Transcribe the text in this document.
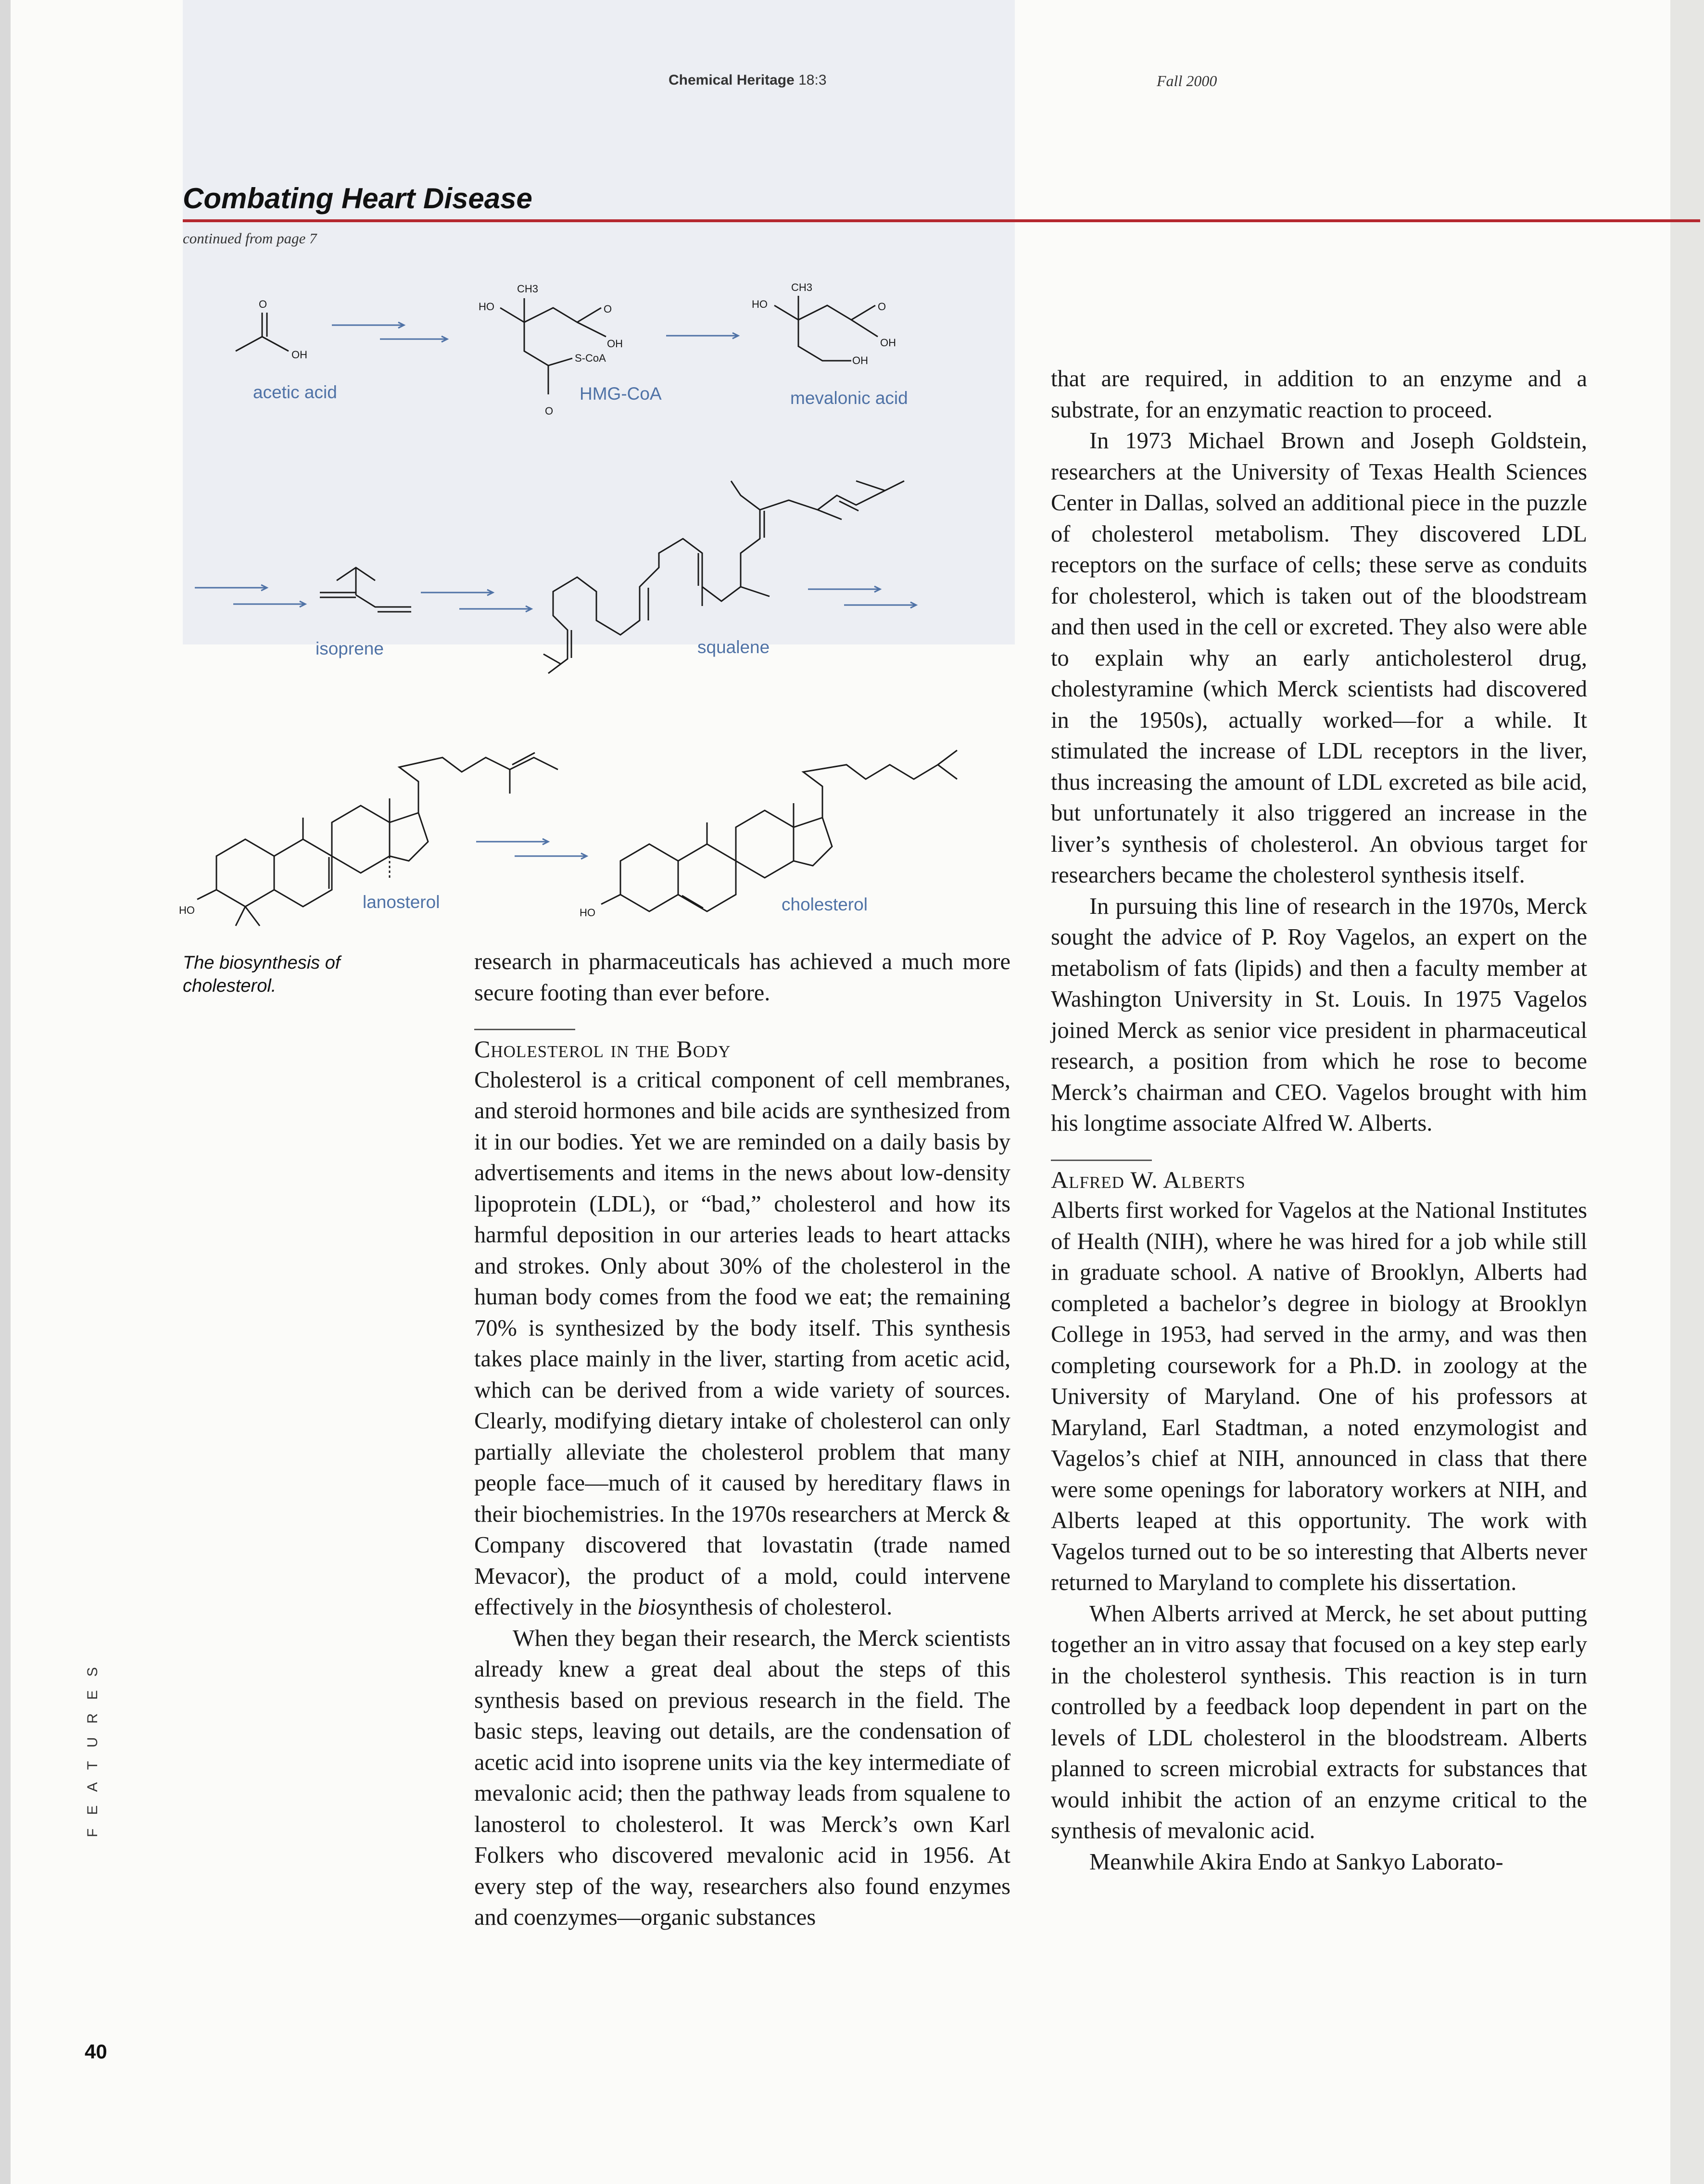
Chemical Heritage 18:3	Fall 2000
Combating Heart Disease
continued from page 7
O
OH
HO
CH3
O
OH
S-CoA
O
HO
CH3
O
OH
OH
HO	HO
acetic acid	HMG-CoA	mevalonic acid
isoprene	squalene
lanosterol	cholesterol
The biosynthesis of cholesterol.

research in pharmaceuticals has achieved a much more secure footing than ever before.

Cholesterol in the Body

Cholesterol is a critical component of cell membranes, and steroid hormones and bile acids are synthesized from it in our bodies. Yet we are reminded on a daily basis by advertisements and items in the news about low-density lipoprotein (LDL), or “bad,” cholesterol and how its harmful deposition in our arteries leads to heart attacks and strokes. Only about 30% of the cholesterol in the human body comes from the food we eat; the remaining 70% is synthesized by the body itself. This synthesis takes place mainly in the liver, starting from acetic acid, which can be derived from a wide variety of sources. Clearly, modifying dietary intake of cholesterol can only partially alleviate the cholesterol problem that many people face—much of it caused by hereditary flaws in their biochemistries. In the 1970s researchers at Merck & Company discovered that lovastatin (trade named Mevacor), the product of a mold, could intervene effectively in the biosynthesis of cholesterol.

When they began their research, the Merck scientists already knew a great deal about the steps of this synthesis based on previous research in the field. The basic steps, leaving out details, are the condensation of acetic acid into isoprene units via the key intermediate of mevalonic acid; then the pathway leads from squalene to lanosterol to cholesterol. It was Merck’s own Karl Folkers who discovered mevalonic acid in 1956. At every step of the way, researchers also found enzymes and coenzymes—organic substances

that are required, in addition to an enzyme and a substrate, for an enzymatic reaction to proceed.

In 1973 Michael Brown and Joseph Goldstein, researchers at the University of Texas Health Sciences Center in Dallas, solved an additional piece in the puzzle of cholesterol metabolism. They discovered LDL receptors on the surface of cells; these serve as conduits for cholesterol, which is taken out of the bloodstream and then used in the cell or excreted. They also were able to explain why an early anticholesterol drug, cholestyramine (which Merck scientists had discovered in the 1950s), actually worked—for a while. It stimulated the increase of LDL receptors in the liver, thus increasing the amount of LDL excreted as bile acid, but unfortunately it also triggered an increase in the liver’s synthesis of cholesterol. An obvious target for researchers became the cholesterol synthesis itself.

In pursuing this line of research in the 1970s, Merck sought the advice of P. Roy Vagelos, an expert on the metabolism of fats (lipids) and then a faculty member at Washington University in St. Louis. In 1975 Vagelos joined Merck as senior vice president in pharmaceutical research, a position from which he rose to become Merck’s chairman and CEO. Vagelos brought with him his longtime associate Alfred W. Alberts.

Alfred W. Alberts

Alberts first worked for Vagelos at the National Institutes of Health (NIH), where he was hired for a job while still in graduate school. A native of Brooklyn, Alberts had completed a bachelor’s degree in biology at Brooklyn College in 1953, had served in the army, and was then completing coursework for a Ph.D. in zoology at the University of Maryland. One of his professors at Maryland, Earl Stadtman, a noted enzymologist and Vagelos’s chief at NIH, announced in class that there were some openings for laboratory workers at NIH, and Alberts leaped at this opportunity. The work with Vagelos turned out to be so interesting that Alberts never returned to Maryland to complete his dissertation.

When Alberts arrived at Merck, he set about putting together an in vitro assay that focused on a key step early in the cholesterol synthesis. This reaction is in turn controlled by a feedback loop dependent in part on the levels of LDL cholesterol in the bloodstream. Alberts planned to screen microbial extracts for substances that would inhibit the action of an enzyme critical to the synthesis of mevalonic acid.

Meanwhile Akira Endo at Sankyo Laborato-

FEATURES
40
